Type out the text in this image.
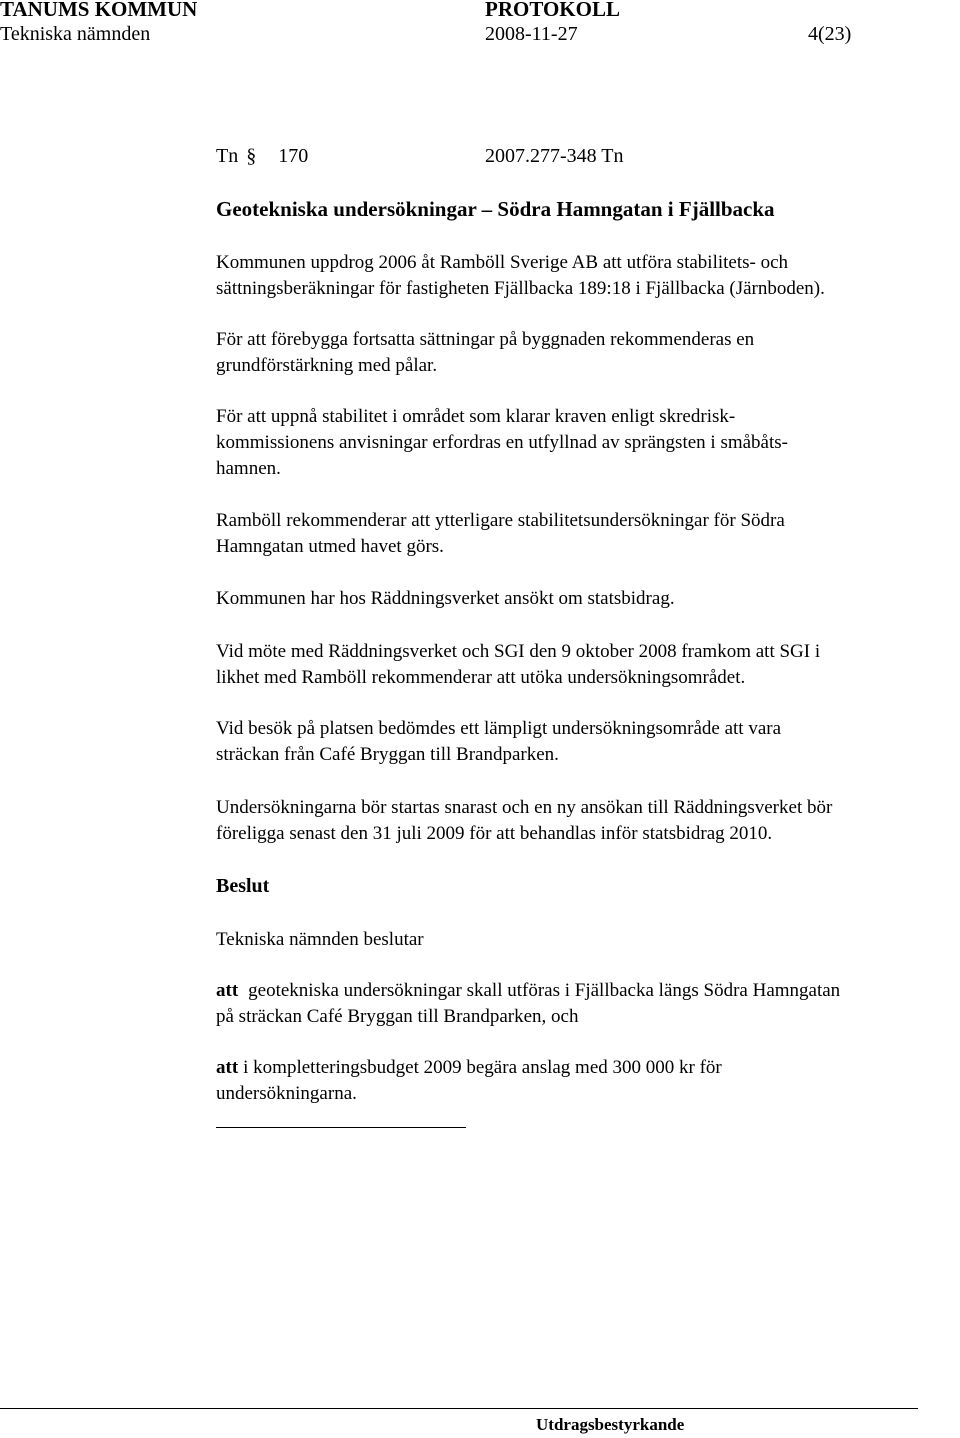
TANUMS KOMMUN	PROTOKOLL
Tekniska nämnden	2008-11-27	4(23)
Tn § 170	2007.277-348 Tn
Geotekniska undersökningar – Södra Hamngatan i Fjällbacka

Kommunen uppdrog 2006 åt Ramböll Sverige AB att utföra stabilitets- och

sättningsberäkningar för fastigheten Fjällbacka 189:18 i Fjällbacka (Järnboden).

För att förebygga fortsatta sättningar på byggnaden rekommenderas en

grundförstärkning med pålar.

För att uppnå stabilitet i området som klarar kraven enligt skredrisk-

kommissionens anvisningar erfordras en utfyllnad av sprängsten i småbåts-

hamnen.

Ramböll rekommenderar att ytterligare stabilitetsundersökningar för Södra

Hamngatan utmed havet görs.

Kommunen har hos Räddningsverket ansökt om statsbidrag.

Vid möte med Räddningsverket och SGI den 9 oktober 2008 framkom att SGI i

likhet med Ramböll rekommenderar att utöka undersökningsområdet.

Vid besök på platsen bedömdes ett lämpligt undersökningsområde att vara

sträckan från Café Bryggan till Brandparken.

Undersökningarna bör startas snarast och en ny ansökan till Räddningsverket bör

föreligga senast den 31 juli 2009 för att behandlas inför statsbidrag 2010.

Beslut
Tekniska nämnden beslutar

att geotekniska undersökningar skall utföras i Fjällbacka längs Södra Hamngatan

på sträckan Café Bryggan till Brandparken, och

att i kompletteringsbudget 2009 begära anslag med 300 000 kr för

undersökningarna.

Utdragsbestyrkande
